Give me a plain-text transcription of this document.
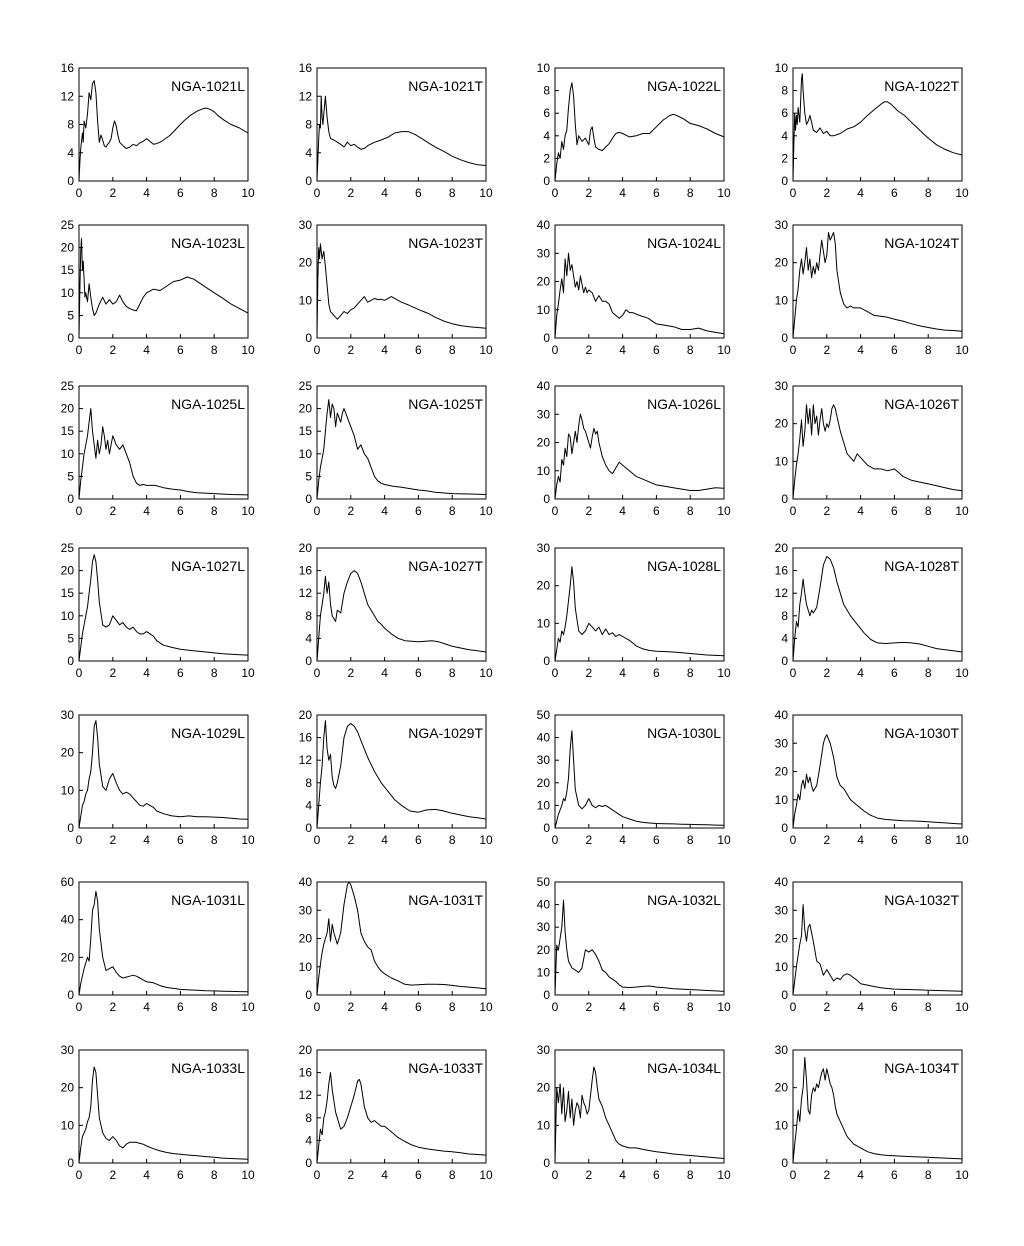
0 2 4 6 8 10
0
4
8
12
16
NGA-1021L
0 2 4 6 8 10
0
4
8
12
16
NGA-1021T
0 2 4 6 8 10
0
2
4
6
8
10
NGA-1022L
0 2 4 6 8 10
0
2
4
6
8
10
NGA-1022T
0 2 4 6 8 10
0
5
10
15
20
25
NGA-1023L
0 2 4 6 8 10
0
10
20
30
NGA-1023T
0 2 4 6 8 10
0
10
20
30
40
NGA-1024L
0 2 4 6 8 10
0
10
20
30
NGA-1024T
0 2 4 6 8 10
0
5
10
15
20
25
NGA-1025L
0 2 4 6 8 10
0
5
10
15
20
25
NGA-1025T
0 2 4 6 8 10
0
10
20
30
40
NGA-1026L
0 2 4 6 8 10
0
10
20
30
NGA-1026T
0 2 4 6 8 10
0
5
10
15
20
25
NGA-1027L
0 2 4 6 8 10
0
4
8
12
16
20
NGA-1027T
0 2 4 6 8 10
0
10
20
30
NGA-1028L
0 2 4 6 8 10
0
4
8
12
16
20
NGA-1028T
0 2 4 6 8 10
0
10
20
30
NGA-1029L
0 2 4 6 8 10
0
4
8
12
16
20
NGA-1029T
0 2 4 6 8 10
0
10
20
30
40
50
NGA-1030L
0 2 4 6 8 10
0
10
20
30
40
NGA-1030T
0 2 4 6 8 10
0
20
40
60
NGA-1031L
0 2 4 6 8 10
0
10
20
30
40
NGA-1031T
0 2 4 6 8 10
0
10
20
30
40
50
NGA-1032L
0 2 4 6 8 10
0
10
20
30
40
NGA-1032T
0 2 4 6 8 10
0
10
20
30
NGA-1033L
0 2 4 6 8 10
0
4
8
12
16
20
NGA-1033T
0 2 4 6 8 10
0
10
20
30
NGA-1034L
0 2 4 6 8 10
0
10
20
30
NGA-1034T
